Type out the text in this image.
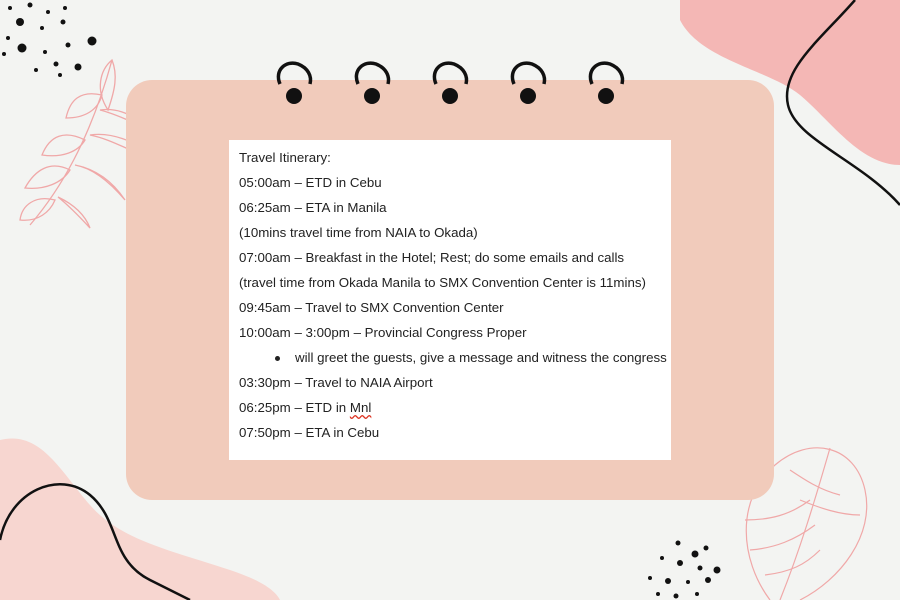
Travel Itinerary:
05:00am – ETD in Cebu
06:25am – ETA in Manila
(10mins travel time from NAIA to Okada)
07:00am – Breakfast in the Hotel; Rest; do some emails and calls
(travel time from Okada Manila to SMX Convention Center is 11mins)
09:45am – Travel to SMX Convention Center
10:00am – 3:00pm – Provincial Congress Proper
will greet the guests, give a message and witness the congress
03:30pm – Travel to NAIA Airport
06:25pm – ETD in Mnl
07:50pm – ETA in Cebu
